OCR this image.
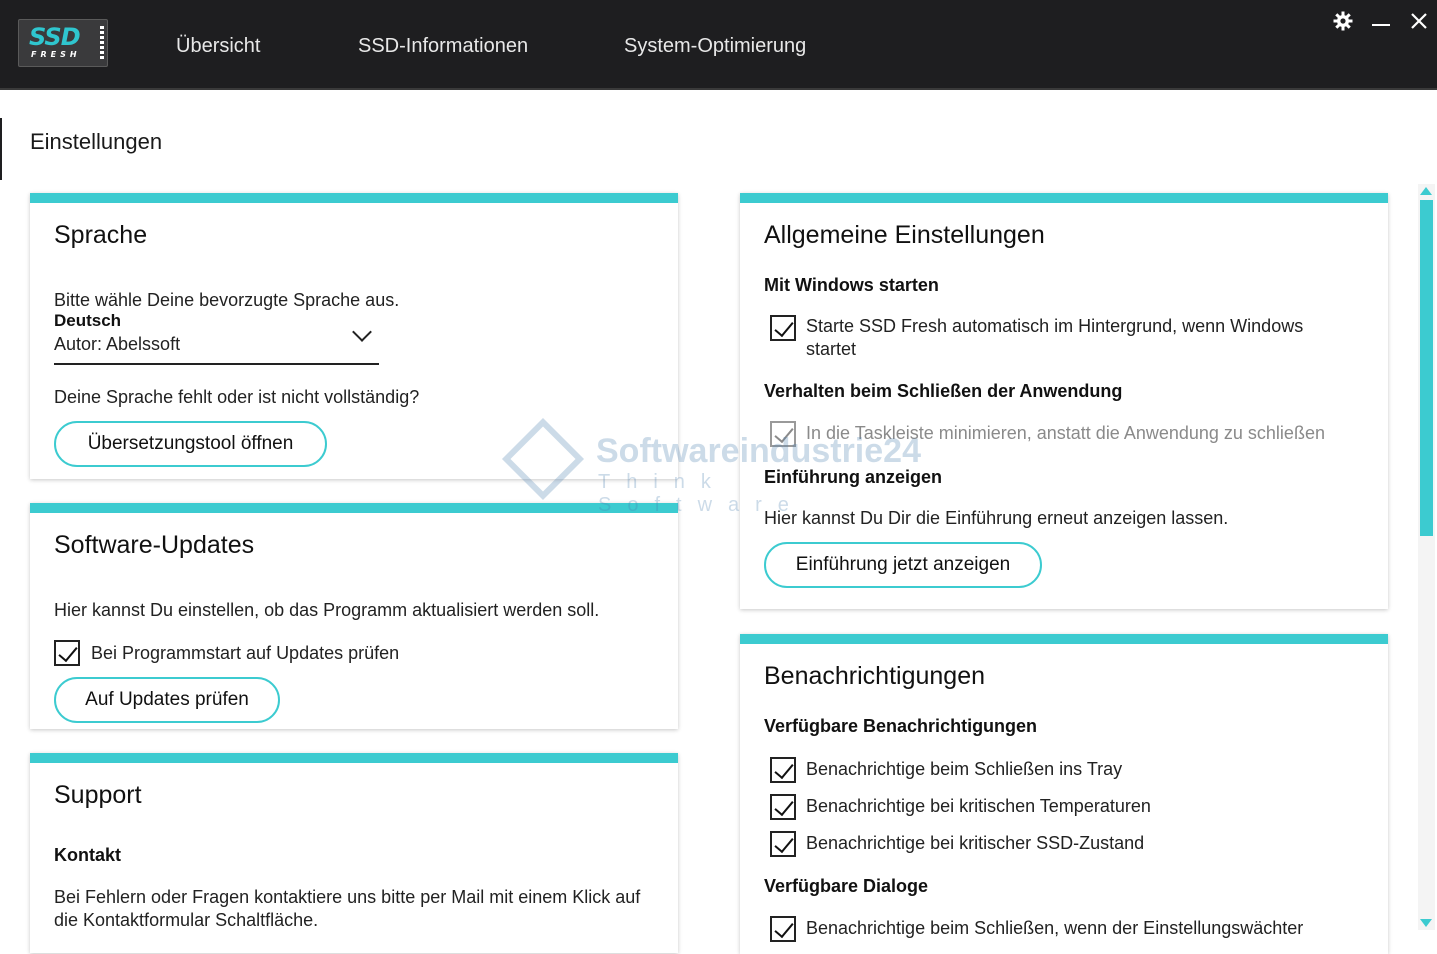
SSD
FRESH	Übersicht	SSD-Informationen	System-Optimierung
Einstellungen
Sprache
Bitte wähle Deine bevorzugte Sprache aus.
Deutsch
Autor: Abelssoft
Deine Sprache fehlt oder ist nicht vollständig?
Übersetzungstool öffnen
Software-Updates
Hier kannst Du einstellen, ob das Programm aktualisiert werden soll.
Bei Programmstart auf Updates prüfen
Auf Updates prüfen
Support
Kontakt
Bei Fehlern oder Fragen kontaktiere uns bitte per Mail mit einem Klick auf die Kontaktformular Schaltfläche.
Allgemeine Einstellungen
Mit Windows starten
Starte SSD Fresh automatisch im Hintergrund, wenn Windows startet
Verhalten beim Schließen der Anwendung
In die Taskleiste minimieren, anstatt die Anwendung zu schließen
Einführung anzeigen
Hier kannst Du Dir die Einführung erneut anzeigen lassen.
Einführung jetzt anzeigen
Benachrichtigungen
Verfügbare Benachrichtigungen
Benachrichtige beim Schließen ins Tray
Benachrichtige bei kritischen Temperaturen
Benachrichtige bei kritischer SSD-Zustand
Verfügbare Dialoge
Benachrichtige beim Schließen, wenn der Einstellungswächter
Softwareindustrie24
Think Software
